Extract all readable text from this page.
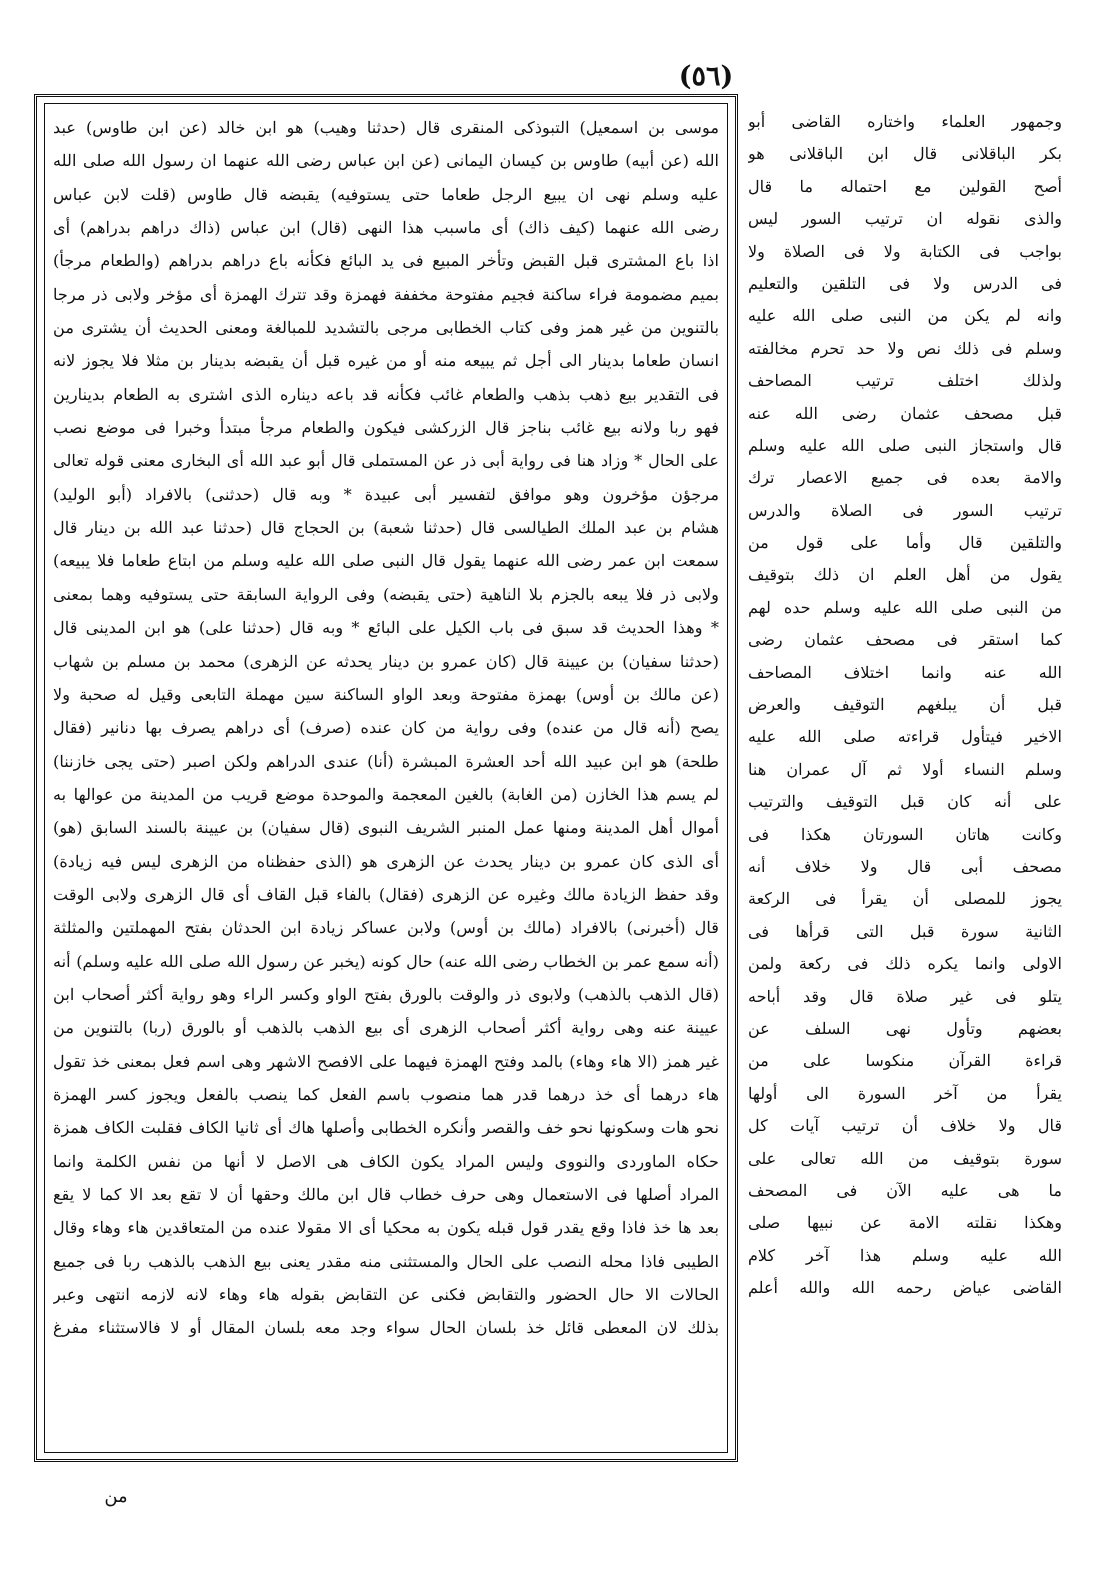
(٥٦)
موسى بن اسمعيل) التبوذكى المنقرى قال (حدثنا وهيب) هو ابن خالد (عن ابن طاوس) عبد
الله (عن أبيه) طاوس بن كيسان اليمانى (عن ابن عباس رضى الله عنهما ان رسول الله صلى الله
عليه وسلم نهى ان يبيع الرجل طعاما حتى يستوفيه) يقبضه قال طاوس (قلت لابن عباس
رضى الله عنهما (كيف ذاك) أى ماسبب هذا النهى (قال) ابن عباس (ذاك دراهم بدراهم) أى
اذا باع المشترى قبل القبض وتأخر المبيع فى يد البائع فكأنه باع دراهم بدراهم (والطعام مرجأ)
بميم مضمومة فراء ساكنة فجيم مفتوحة مخففة فهمزة وقد تترك الهمزة أى مؤخر ولابى ذر مرجا
بالتنوين من غير همز وفى كتاب الخطابى مرجى بالتشديد للمبالغة ومعنى الحديث أن يشترى من
انسان طعاما بدينار الى أجل ثم يبيعه منه أو من غيره قبل أن يقبضه بدينار بن مثلا فلا يجوز لانه
فى التقدير بيع ذهب بذهب والطعام غائب فكأنه قد باعه ديناره الذى اشترى به الطعام بدينارين
فهو ربا ولانه بيع غائب بناجز قال الزركشى فيكون والطعام مرجأ مبتدأ وخبرا فى موضع نصب
على الحال * وزاد هنا فى رواية أبى ذر عن المستملى قال أبو عبد الله أى البخارى معنى قوله تعالى
مرجؤن مؤخرون وهو موافق لتفسير أبى عبيدة * وبه قال (حدثنى) بالافراد (أبو الوليد)
هشام بن عبد الملك الطيالسى قال (حدثنا شعبة) بن الحجاج قال (حدثنا عبد الله بن دينار قال
سمعت ابن عمر رضى الله عنهما يقول قال النبى صلى الله عليه وسلم من ابتاع طعاما فلا يبيعه)
ولابى ذر فلا يبعه بالجزم بلا الناهية (حتى يقبضه) وفى الرواية السابقة حتى يستوفيه وهما بمعنى
* وهذا الحديث قد سبق فى باب الكيل على البائع * وبه قال (حدثنا على) هو ابن المدينى قال
(حدثنا سفيان) بن عيينة قال (كان عمرو بن دينار يحدثه عن الزهرى) محمد بن مسلم بن شهاب
(عن مالك بن أوس) بهمزة مفتوحة وبعد الواو الساكنة سين مهملة التابعى وقيل له صحبة ولا
يصح (أنه قال من عنده) وفى رواية من كان عنده (صرف) أى دراهم يصرف بها دنانير (فقال
طلحة) هو ابن عبيد الله أحد العشرة المبشرة (أنا) عندى الدراهم ولكن اصبر (حتى يجى خازننا)
لم يسم هذا الخازن (من الغابة) بالغين المعجمة والموحدة موضع قريب من المدينة من عوالها به
أموال أهل المدينة ومنها عمل المنبر الشريف النبوى (قال سفيان) بن عيينة بالسند السابق (هو)
أى الذى كان عمرو بن دينار يحدث عن الزهرى هو (الذى حفظناه من الزهرى ليس فيه زيادة)
وقد حفظ الزيادة مالك وغيره عن الزهرى (فقال) بالفاء قبل القاف أى قال الزهرى ولابى الوقت
قال (أخبرنى) بالافراد (مالك بن أوس) ولابن عساكر زيادة ابن الحدثان بفتح المهملتين والمثلثة
(أنه سمع عمر بن الخطاب رضى الله عنه) حال كونه (يخبر عن رسول الله صلى الله عليه وسلم) أنه
(قال الذهب بالذهب) ولابوى ذر والوقت بالورق بفتح الواو وكسر الراء وهو رواية أكثر أصحاب ابن
عيينة عنه وهى رواية أكثر أصحاب الزهرى أى بيع الذهب بالذهب أو بالورق (ربا) بالتنوين من
غير همز (الا هاء وهاء) بالمد وفتح الهمزة فيهما على الافصح الاشهر وهى اسم فعل بمعنى خذ تقول
هاء درهما أى خذ درهما قدر هما منصوب باسم الفعل كما ينصب بالفعل ويجوز كسر الهمزة
نحو هات وسكونها نحو خف والقصر وأنكره الخطابى وأصلها هاك أى ثانيا الكاف فقلبت الكاف همزة
حكاه الماوردى والنووى وليس المراد يكون الكاف هى الاصل لا أنها من نفس الكلمة وانما
المراد أصلها فى الاستعمال وهى حرف خطاب قال ابن مالك وحقها أن لا تقع بعد الا كما لا يقع
بعد ها خذ فاذا وقع يقدر قول قبله يكون به محكيا أى الا مقولا عنده من المتعاقدين هاء وهاء وقال
الطيبى فاذا محله النصب على الحال والمستثنى منه مقدر يعنى بيع الذهب بالذهب ربا فى جميع
الحالات الا حال الحضور والتقابض فكنى عن التقابض بقوله هاء وهاء لانه لازمه انتهى وعبر
بذلك لان المعطى قائل خذ بلسان الحال سواء وجد معه بلسان المقال أو لا فالاستثناء مفرغ
وجمهور العلماء واختاره القاضى أبو
بكر الباقلانى قال ابن الباقلانى هو
أصح القولين مع احتماله ما قال
والذى نقوله ان ترتيب السور ليس
بواجب فى الكتابة ولا فى الصلاة ولا
فى الدرس ولا فى التلقين والتعليم
وانه لم يكن من النبى صلى الله عليه
وسلم فى ذلك نص ولا حد تحرم مخالفته
ولذلك اختلف ترتيب المصاحف
قبل مصحف عثمان رضى الله عنه
قال واستجاز النبى صلى الله عليه وسلم
والامة بعده فى جميع الاعصار ترك
ترتيب السور فى الصلاة والدرس
والتلقين قال وأما على قول من
يقول من أهل العلم ان ذلك بتوقيف
من النبى صلى الله عليه وسلم حده لهم
كما استقر فى مصحف عثمان رضى
الله عنه وانما اختلاف المصاحف
قبل أن يبلغهم التوقيف والعرض
الاخير فيتأول قراءته صلى الله عليه
وسلم النساء أولا ثم آل عمران هنا
على أنه كان قبل التوقيف والترتيب
وكانت هاتان السورتان هكذا فى
مصحف أبى قال ولا خلاف أنه
يجوز للمصلى أن يقرأ فى الركعة
الثانية سورة قبل التى قرأها فى
الاولى وانما يكره ذلك فى ركعة ولمن
يتلو فى غير صلاة قال وقد أباحه
بعضهم وتأول نهى السلف عن
قراءة القرآن منكوسا على من
يقرأ من آخر السورة الى أولها
قال ولا خلاف أن ترتيب آيات كل
سورة بتوقيف من الله تعالى على
ما هى عليه الآن فى المصحف
وهكذا نقلته الامة عن نبيها صلى
الله عليه وسلم هذا آخر كلام
القاضى عياض رحمه الله والله أعلم
من
